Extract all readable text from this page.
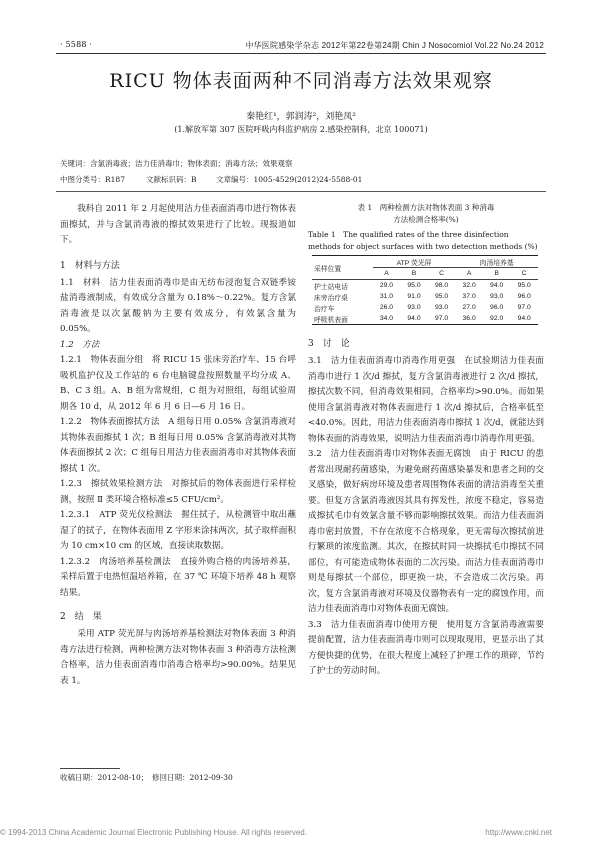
· 5588 ·	中华医院感染学杂志 2012年第22卷第24期 Chin J Nosocomiol Vol.22 No.24 2012
RICU 物体表面两种不同消毒方法效果观察
秦艳红¹，郭润涛²，刘艳凤²
(1.解放军第 307 医院呼吸内科监护病房 2.感染控制科，北京 100071)
关键词：含氯消毒液；洁力佳消毒巾；物体表面；消毒方法；效果观察
中图分类号：R187	文献标识码：B	文章编号：1005-4529(2012)24-5588-01
我科自 2011 年 2 月起使用洁力佳表面消毒巾进行物体表面擦拭，并与含氯消毒液的擦拭效果进行了比较。现报道如下。
1　材料与方法
1.1　材料　洁力佳表面消毒巾是由无纺布浸泡复合双链季铵盐消毒液制成，有效成分含量为 0.18%～0.22%。复方含氯消毒液是以次氯酸钠为主要有效成分，有效氯含量为 0.05%。
1.2　方法
1.2.1　物体表面分组　将 RICU 15 张床旁治疗车、15 台呼吸机监护仪及工作站的 6 台电脑键盘按照数量平均分成 A、B、C 3 组。A、B 组为常规组，C 组为对照组，每组试验周期各 10 d，从 2012 年 6 月 6 日—6 月 16 日。
1.2.2　物体表面擦拭方法　A 组每日用 0.05% 含氯消毒液对其物体表面擦拭 1 次；B 组每日用 0.05% 含氯消毒液对其物体表面擦拭 2 次；C 组每日用洁力佳表面消毒巾对其物体表面擦拭 1 次。
1.2.3　擦拭效果检测方法　对擦拭后的物体表面进行采样检测，按照 Ⅱ 类环境合格标准≤5 CFU/cm²。
1.2.3.1　ATP 荧光仪检测法　握住拭子，从检测管中取出蘸湿了的拭子，在物体表面用 Z 字形来涂抹两次，拭子取样面积为 10 cm×10 cm 的区域，直接读取数据。
1.2.3.2　肉汤培养基检测法　直接外购合格的肉汤培养基，采样后置于电热恒温培养箱，在 37 ℃ 环境下培养 48 h 观察结果。
2　结　果
采用 ATP 荧光屏与肉汤培养基检测法对物体表面 3 种消毒方法进行检测，两种检测方法对物体表面 3 种消毒方法检测合格率，洁力佳表面消毒巾消毒合格率均>90.00%。结果见表 1。
收稿日期：2012-08-10；　修回日期：2012-09-30
表 1　两种检测方法对物体表面 3 种消毒
方法检测合格率(%)
Table 1　The qualified rates of the three disinfection
methods for object surfaces with two detection methods (%)
采样位置	ATP 荧光屏			肉汤培养基		
	A	B	C	A	B	C
护士站电话	29.0	95.0	98.0	32.0	94.0	95.0
床旁治疗桌	31.0	91.0	95.0	37.0	93.0	96.0
治疗车	26.0	93.0	93.0	27.0	96.0	97.0
呼吸机表面	34.0	94.0	97.0	36.0	92.0	94.0
3　讨　论
3.1　洁力佳表面消毒巾消毒作用更强　在试验期洁力佳表面消毒巾进行 1 次/d 擦拭，复方含氯消毒液进行 2 次/d 擦拭，擦拭次数不同，但消毒效果相同，合格率均>90.0%。而如果使用含氯消毒液对物体表面进行 1 次/d 擦拭后，合格率低至<40.0%。因此，用洁力佳表面消毒巾擦拭 1 次/d，就能达到物体表面的消毒效果，说明洁力佳表面消毒巾消毒作用更强。
3.2　洁力佳表面消毒巾对物体表面无腐蚀　由于 RICU 的患者常出现耐药菌感染，为避免耐药菌感染暴发和患者之间的交叉感染，做好病房环境及患者周围物体表面的清洁消毒至关重要。但复方含氯消毒液因其具有挥发性，浓度不稳定，容易造成擦拭毛巾有效氯含量不够而影响擦拭效果。而洁力佳表面消毒巾密封放置，不存在浓度不合格现象，更无需每次擦拭前进行繁琐的浓度监测。其次，在擦拭时同一块擦拭毛巾擦拭不同部位，有可能造成物体表面的二次污染。而洁力佳表面消毒巾则是每擦拭一个部位，即更换一块，不会造成二次污染。再次，复方含氯消毒液对环境及仪器物表有一定的腐蚀作用，而洁力佳表面消毒巾对物体表面无腐蚀。
3.3　洁力佳表面消毒巾使用方便　使用复方含氯消毒液需要提前配置，洁力佳表面消毒巾则可以现取现用，更显示出了其方便快捷的优势，在很大程度上减轻了护理工作的琐碎，节约了护士的劳动时间。
© 1994-2013 China Academic Journal Electronic Publishing House. All rights reserved.	http://www.cnki.net
